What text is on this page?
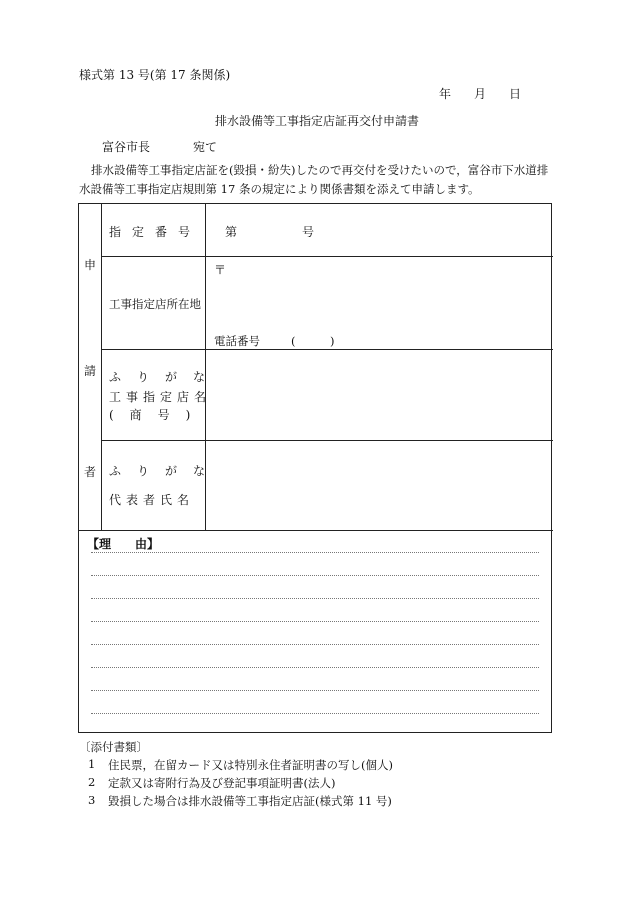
様式第 13 号(第 17 条関係)
年 月 日
排水設備等工事指定店証再交付申請書
富谷市長	宛て
排水設備等工事指定店証を(毀損・紛失)したので再交付を受けたいので，富谷市下水道排
水設備等工事指定店規則第 17 条の規定により関係書類を添えて申請します。
申
請
者
指定番号 第	号
工事指定店所在地
〒
電話番号	(　　　)
ふりがな
工事指定店名
(商号)
ふりがな
代表者氏名
【理　　由】
〔添付書類〕
1 住民票，在留カード又は特別永住者証明書の写し(個人)
2 定款又は寄附行為及び登記事項証明書(法人)
3 毀損した場合は排水設備等工事指定店証(様式第 11 号)
